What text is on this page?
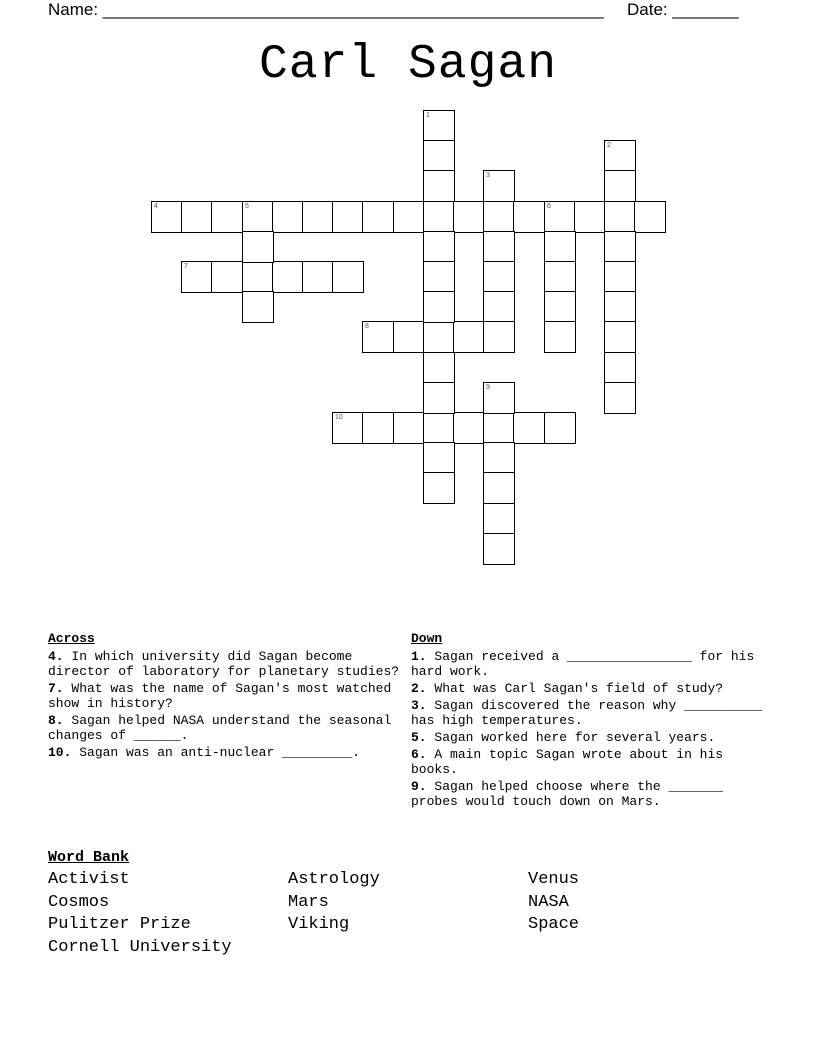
Name: _____________________________________________________ Date: _______
Carl Sagan
4	5	6
7
8
10
1
2
3
9
Across
4. In which university did Sagan become director of laboratory for planetary studies?
7. What was the name of Sagan's most watched show in history?
8. Sagan helped NASA understand the seasonal changes of ______.
10. Sagan was an anti-nuclear _________.
Down
1. Sagan received a ________________ for his hard work.
2. What was Carl Sagan's field of study?
3. Sagan discovered the reason why __________ has high temperatures.
5. Sagan worked here for several years.
6. A main topic Sagan wrote about in his books.
9. Sagan helped choose where the _______ probes would touch down on Mars.
Word Bank
Activist	Astrology	Venus
Cosmos	Mars	NASA
Pulitzer Prize	Viking	Space
Cornell University
